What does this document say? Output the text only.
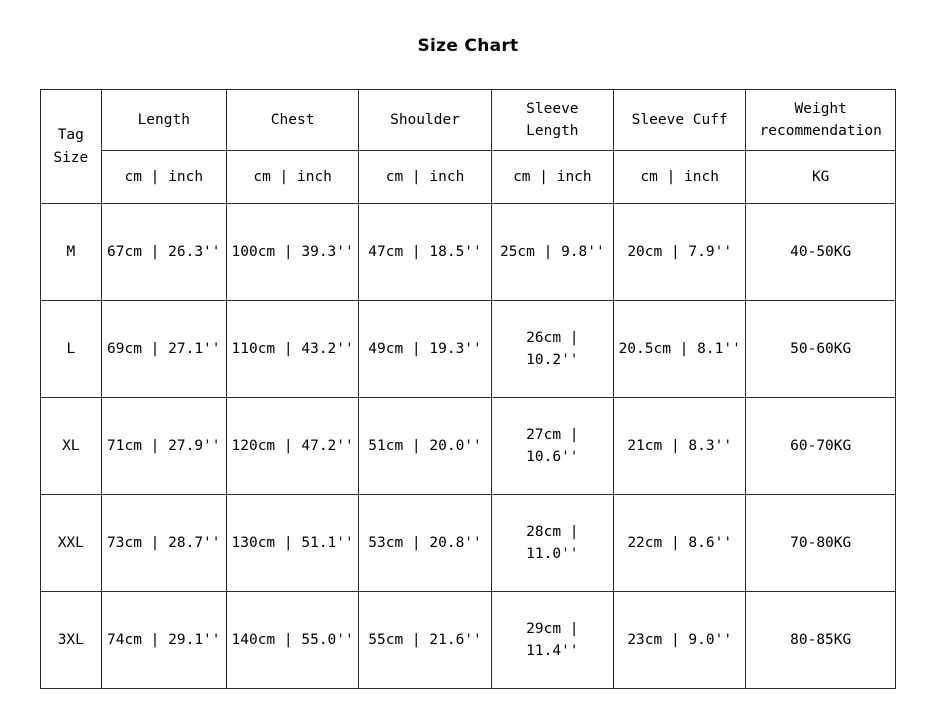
Size Chart
Tag
Size	Length	Chest	Shoulder	Sleeve Length	Sleeve Cuff	Weight recommendation
	cm | inch	cm | inch	cm | inch	cm | inch	cm | inch	KG
M	67cm | 26.3''	100cm | 39.3''	47cm | 18.5''	25cm | 9.8''	20cm | 7.9''	40-50KG
L	69cm | 27.1''	110cm | 43.2''	49cm | 19.3''	26cm | 10.2''	20.5cm | 8.1''	50-60KG
XL	71cm | 27.9''	120cm | 47.2''	51cm | 20.0''	27cm | 10.6''	21cm | 8.3''	60-70KG
XXL	73cm | 28.7''	130cm | 51.1''	53cm | 20.8''	28cm | 11.0''	22cm | 8.6''	70-80KG
3XL	74cm | 29.1''	140cm | 55.0''	55cm | 21.6''	29cm | 11.4''	23cm | 9.0''	80-85KG
